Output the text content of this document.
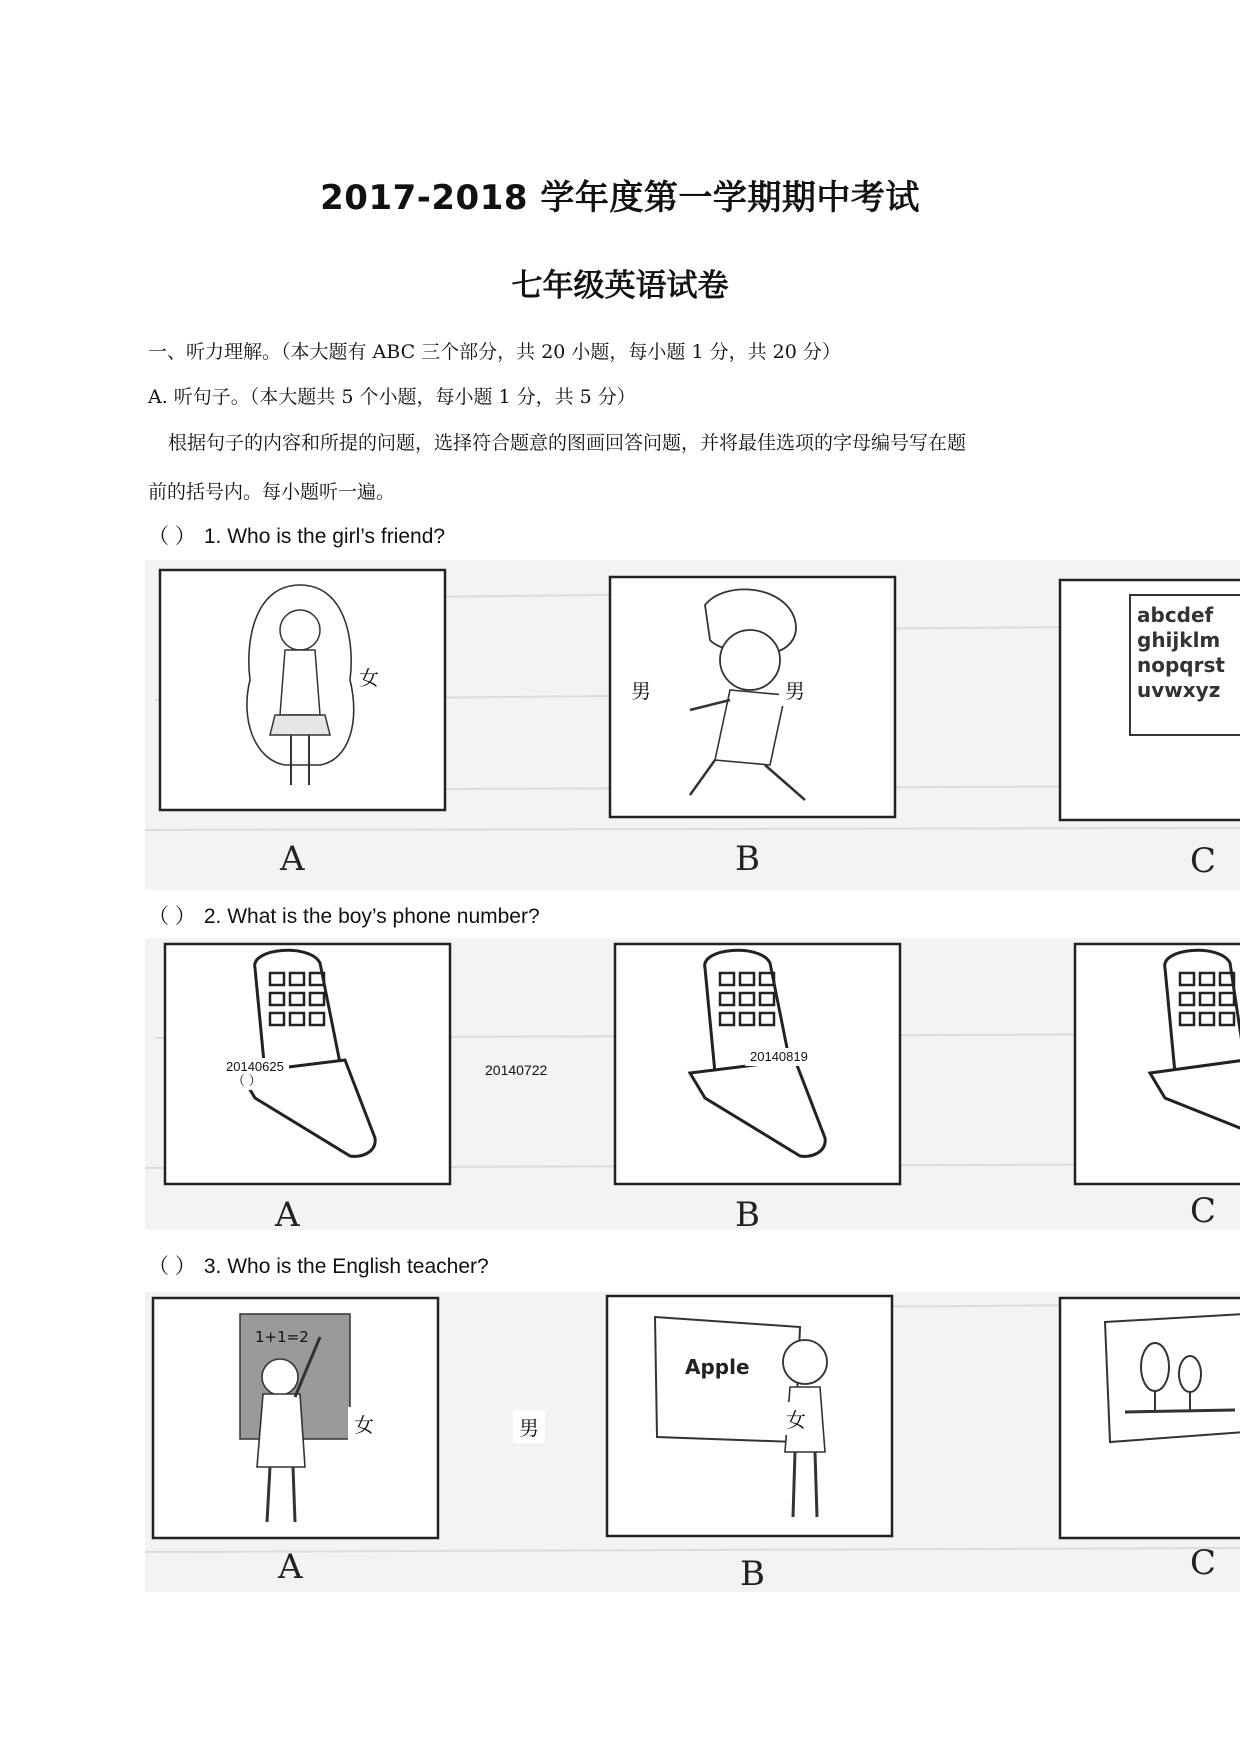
2017-2018 学年度第一学期期中考试
七年级英语试卷
一、听力理解。（本大题有 ABC 三个部分，共 20 小题，每小题 1 分，共 20 分）
A. 听句子。（本大题共 5 个小题，每小题 1 分，共 5 分）
根据句子的内容和所提的问题，选择符合题意的图画回答问题，并将最佳选项的字母编号写在题
前的括号内。每小题听一遍。
（ ） 1. Who is the girl’s friend?
A	B
abcdef
ghijklm
nopqrst
uvwxyz
C
女
男	男
（ ） 2. What is the boy’s phone number?
A	B	C
20140625
（ ）
20140722
20140819
（ ） 3. Who is the English teacher?
1+1=2
A
Apple
B	C
女	男	女
